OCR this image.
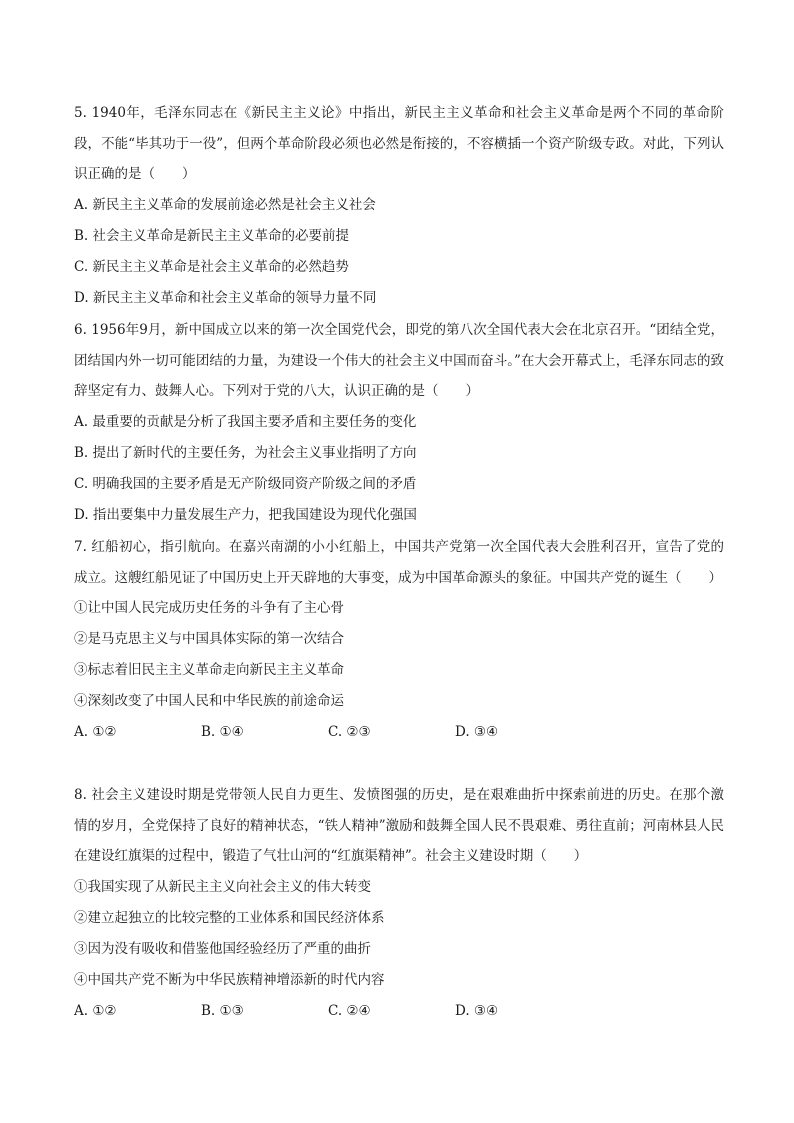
5. 1940年，毛泽东同志在《新民主主义论》中指出，新民主主义革命和社会主义革命是两个不同的革命阶段，不能“毕其功于一役”，但两个革命阶段必须也必然是衔接的，不容横插一个资产阶级专政。对此，下列认识正确的是（　　）

A. 新民主主义革命的发展前途必然是社会主义社会

B. 社会主义革命是新民主主义革命的必要前提

C. 新民主主义革命是社会主义革命的必然趋势

D. 新民主主义革命和社会主义革命的领导力量不同

6. 1956年9月，新中国成立以来的第一次全国党代会，即党的第八次全国代表大会在北京召开。“团结全党，团结国内外一切可能团结的力量，为建设一个伟大的社会主义中国而奋斗。”在大会开幕式上，毛泽东同志的致辞坚定有力、鼓舞人心。下列对于党的八大，认识正确的是（　　）

A. 最重要的贡献是分析了我国主要矛盾和主要任务的变化

B. 提出了新时代的主要任务，为社会主义事业指明了方向

C. 明确我国的主要矛盾是无产阶级同资产阶级之间的矛盾

D. 指出要集中力量发展生产力，把我国建设为现代化强国

7. 红船初心，指引航向。在嘉兴南湖的小小红船上，中国共产党第一次全国代表大会胜利召开，宣告了党的成立。这艘红船见证了中国历史上开天辟地的大事变，成为中国革命源头的象征。中国共产党的诞生（　　）

①让中国人民完成历史任务的斗争有了主心骨

②是马克思主义与中国具体实际的第一次结合

③标志着旧民主主义革命走向新民主主义革命

④深刻改变了中国人民和中华民族的前途命运

A. ①②	B. ①④	C. ②③	D. ③④

8. 社会主义建设时期是党带领人民自力更生、发愤图强的历史，是在艰难曲折中探索前进的历史。在那个激情的岁月，全党保持了良好的精神状态，“铁人精神”激励和鼓舞全国人民不畏艰难、勇往直前；河南林县人民在建设红旗渠的过程中，锻造了气壮山河的“红旗渠精神”。社会主义建设时期（　　）

①我国实现了从新民主主义向社会主义的伟大转变

②建立起独立的比较完整的工业体系和国民经济体系

③因为没有吸收和借鉴他国经验经历了严重的曲折

④中国共产党不断为中华民族精神增添新的时代内容

A. ①②	B. ①③	C. ②④	D. ③④
